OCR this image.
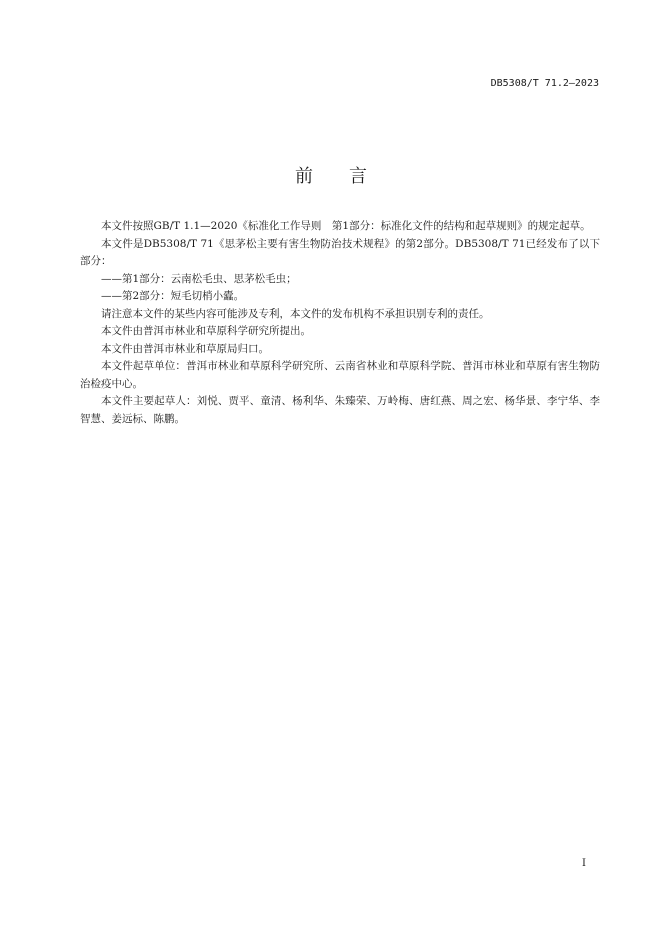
DB5308/T 71.2—2023
前言

本文件按照GB/T 1.1—2020《标准化工作导则　第1部分：标准化文件的结构和起草规则》的规定起草。

本文件是DB5308/T 71《思茅松主要有害生物防治技术规程》的第2部分。DB5308/T 71已经发布了以下部分：

——第1部分：云南松毛虫、思茅松毛虫；

——第2部分：短毛切梢小蠹。

请注意本文件的某些内容可能涉及专利，本文件的发布机构不承担识别专利的责任。

本文件由普洱市林业和草原科学研究所提出。

本文件由普洱市林业和草原局归口。

本文件起草单位：普洱市林业和草原科学研究所、云南省林业和草原科学院、普洱市林业和草原有害生物防治检疫中心。

本文件主要起草人：刘悦、贾平、童清、杨利华、朱臻荣、万岭梅、唐红燕、周之宏、杨华景、李宁华、李智慧、姜远标、陈鹏。

I
